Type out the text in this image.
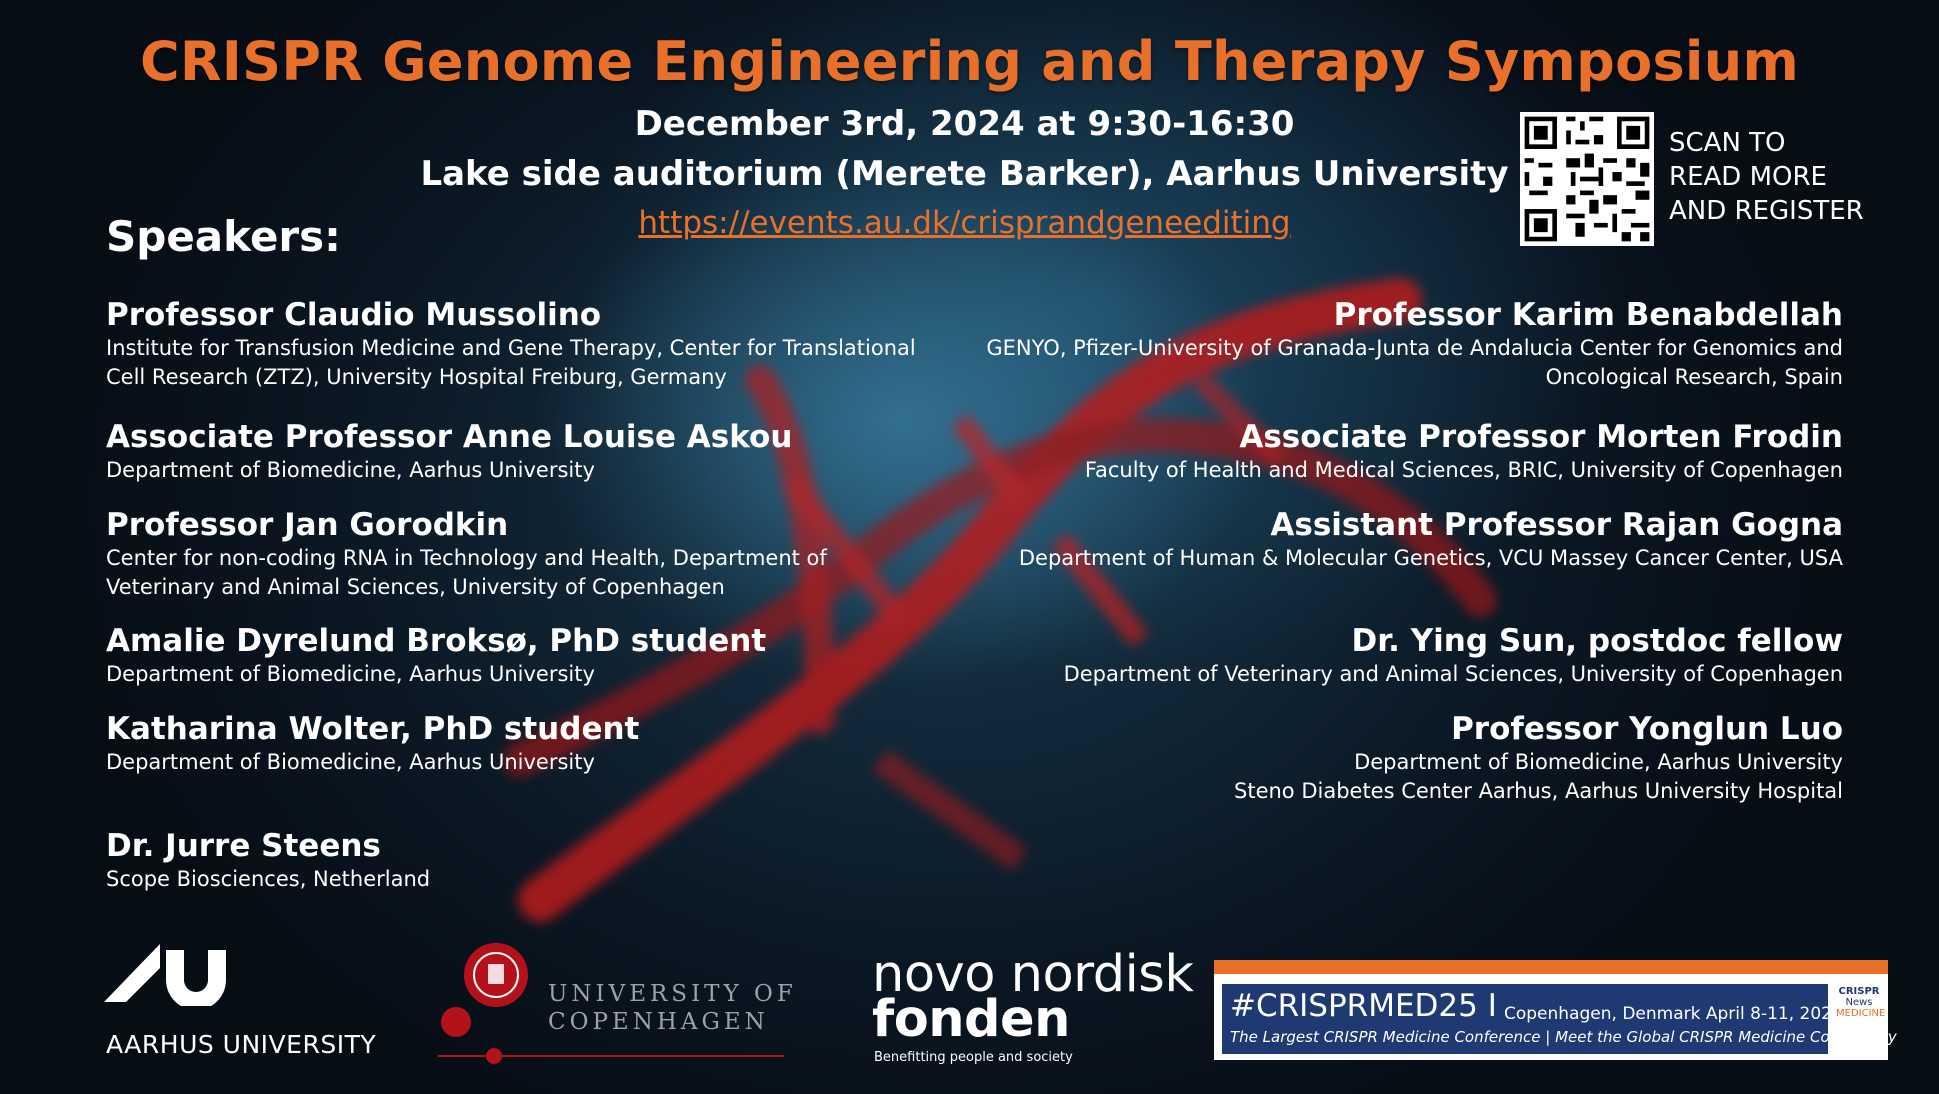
CRISPR Genome Engineering and Therapy Symposium
December 3rd, 2024 at 9:30-16:30
Lake side auditorium (Merete Barker), Aarhus University
https://events.au.dk/crisprandgeneediting
Speakers:
SCAN TO
READ MORE
AND REGISTER
Professor Claudio Mussolino
Institute for Transfusion Medicine and Gene Therapy, Center for Translational
Cell Research (ZTZ), University Hospital Freiburg, Germany
Associate Professor Anne Louise Askou
Department of Biomedicine, Aarhus University
Professor Jan Gorodkin
Center for non-coding RNA in Technology and Health, Department of
Veterinary and Animal Sciences, University of Copenhagen
Amalie Dyrelund Broksø, PhD student
Department of Biomedicine, Aarhus University
Katharina Wolter, PhD student
Department of Biomedicine, Aarhus University
Dr. Jurre Steens
Scope Biosciences, Netherland
Professor Karim Benabdellah
GENYO, Pfizer-University of Granada-Junta de Andalucia Center for Genomics and
Oncological Research, Spain
Associate Professor Morten Frodin
Faculty of Health and Medical Sciences, BRIC, University of Copenhagen
Assistant Professor Rajan Gogna
Department of Human & Molecular Genetics, VCU Massey Cancer Center, USA
Dr. Ying Sun, postdoc fellow
Department of Veterinary and Animal Sciences, University of Copenhagen
Professor Yonglun Luo
Department of Biomedicine, Aarhus University
Steno Diabetes Center Aarhus, Aarhus University Hospital
AARHUS UNIVERSITY
UNIVERSITY OF
COPENHAGEN
novo nordisk
fonden
Benefitting people and society
#CRISPRMED25 I Copenhagen, Denmark April 8-11, 2025
The Largest CRISPR Medicine Conference | Meet the Global CRISPR Medicine Community
CRISPR
News
MEDICINE
